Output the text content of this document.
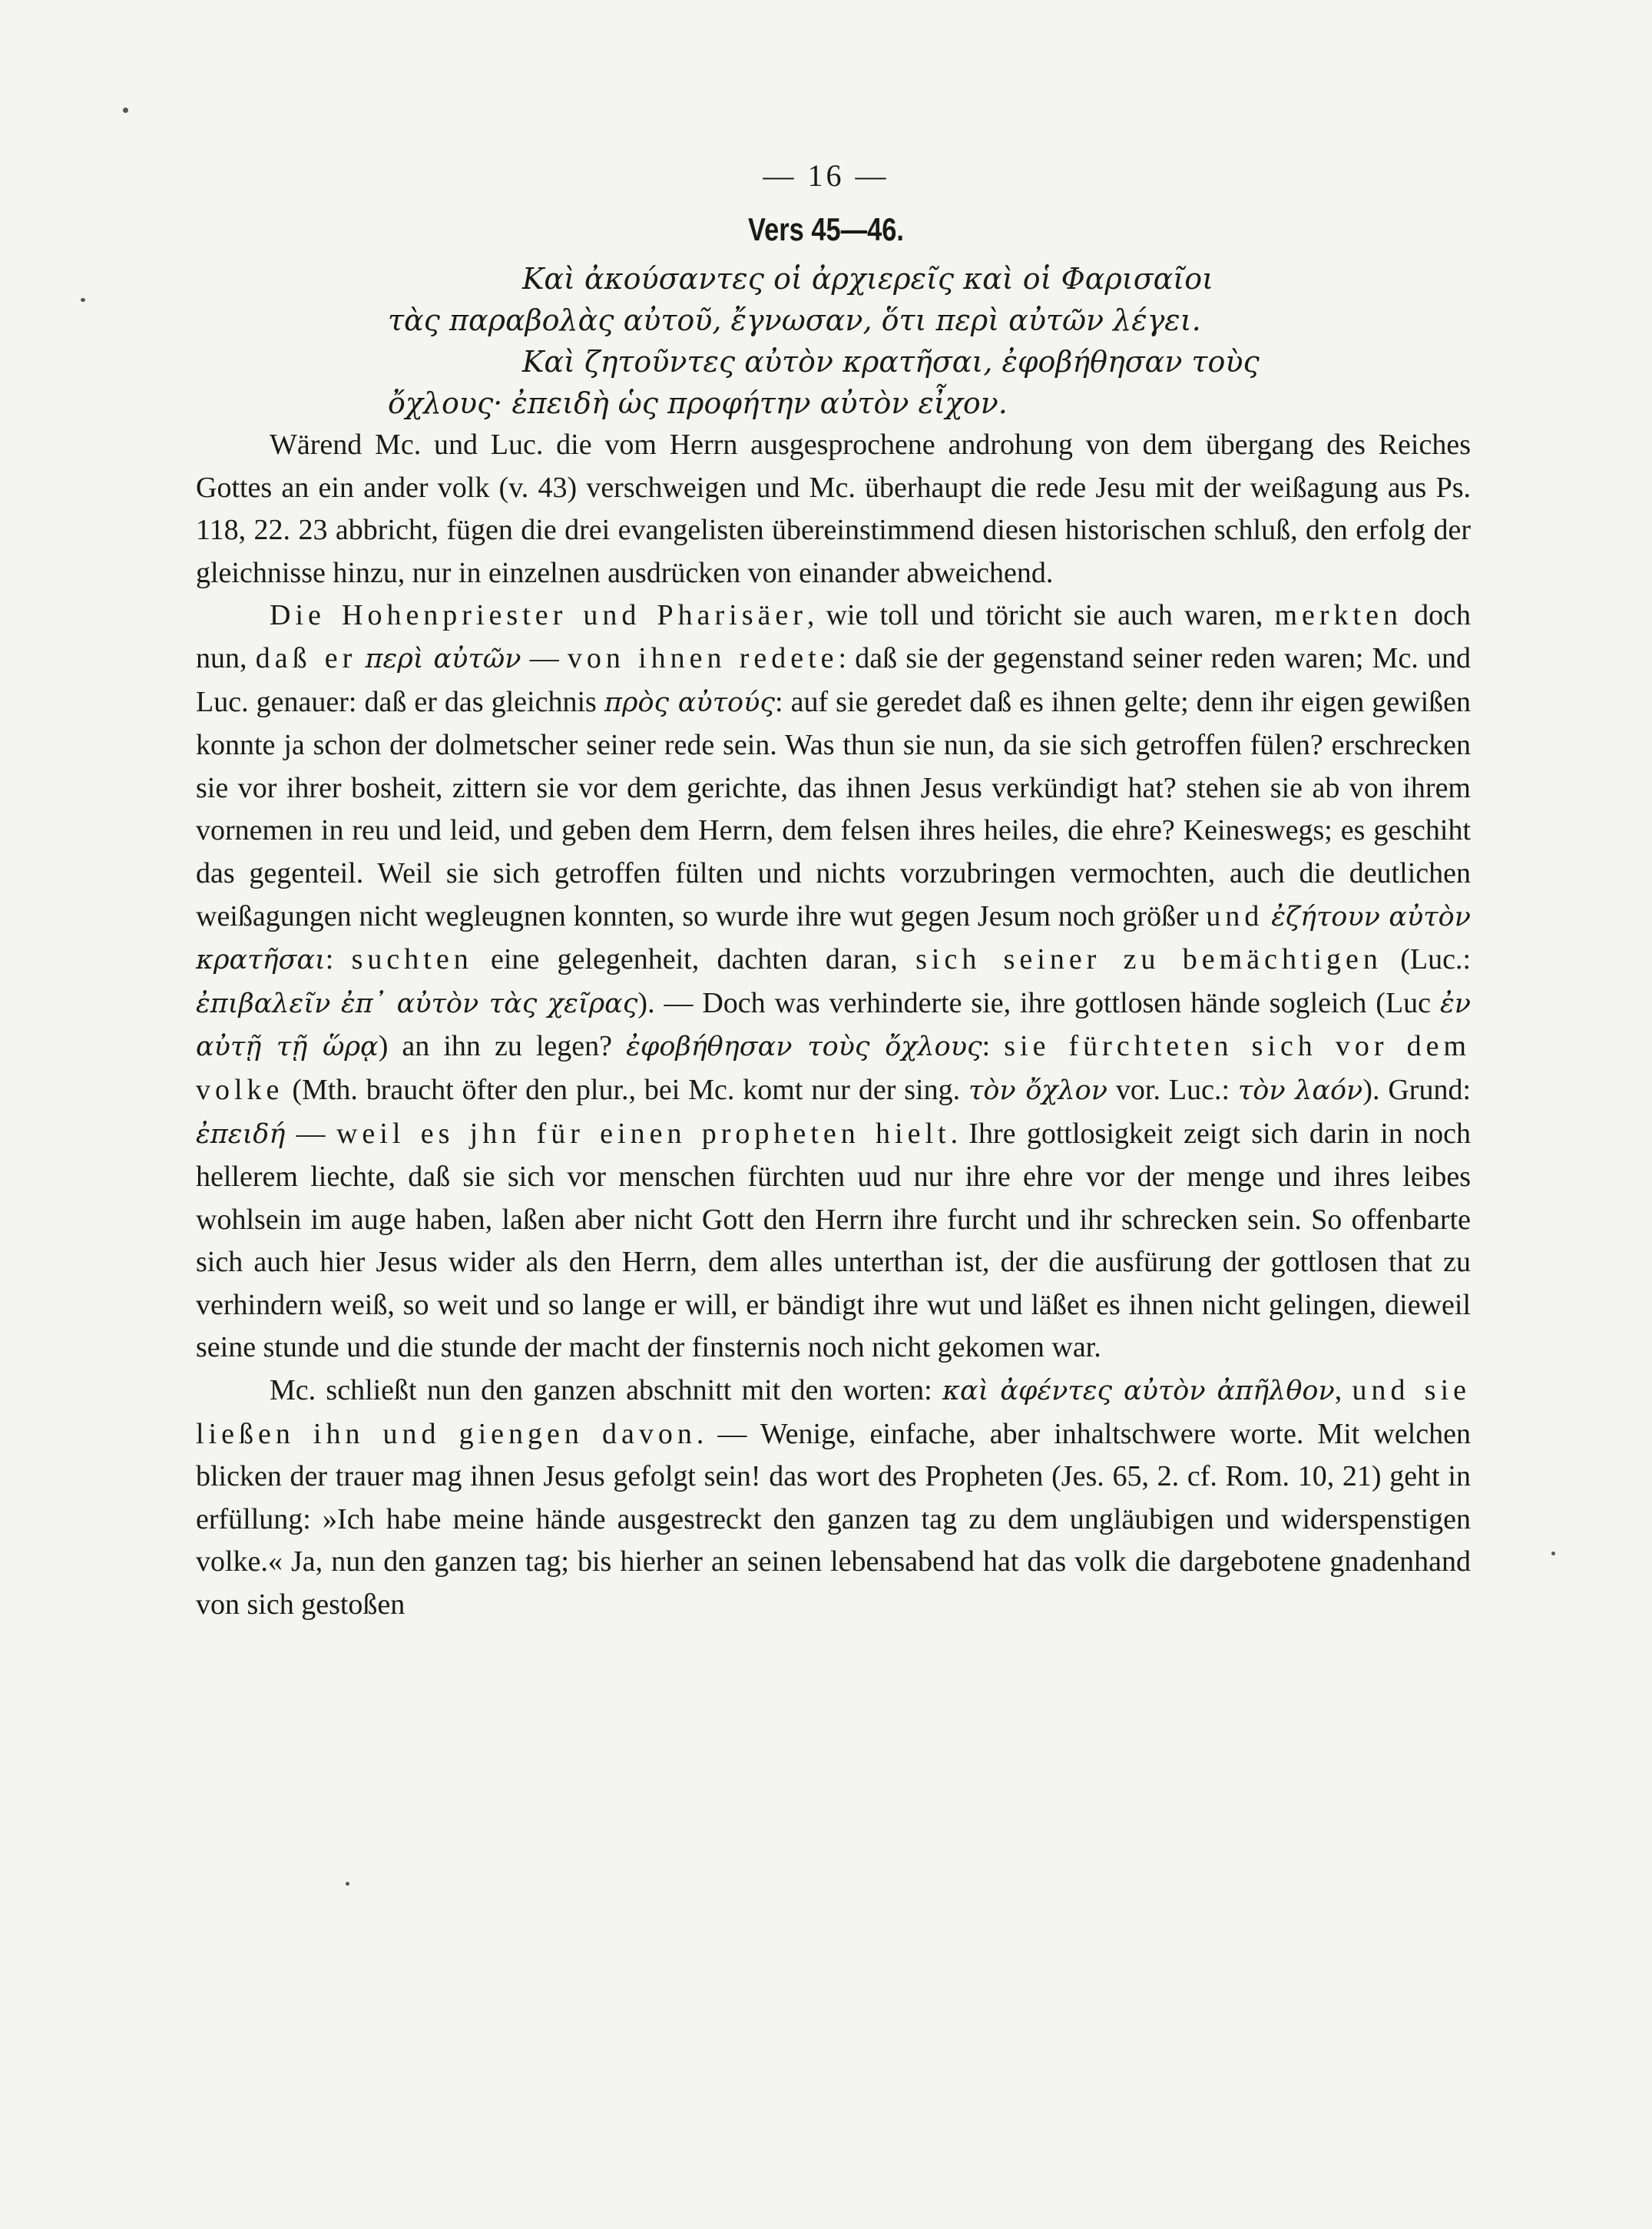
— 16 —
Vers 45—46.

Καὶ ἀκούσαντες οἱ ἀρχιερεῖς καὶ οἱ Φαρισαῖοι

τὰς παραβολὰς αὐτοῦ, ἔγνωσαν, ὅτι περὶ αὐτῶν λέγει.

Καὶ ζητοῦντες αὐτὸν κρατῆσαι, ἐφοβήθησαν τοὺς

ὄχλους· ἐπειδὴ ὡς προφήτην αὐτὸν εἶχον.

Wärend Mc. und Luc. die vom Herrn ausgesprochene androhung von dem übergang des Reiches Gottes an ein ander volk (v. 43) verschweigen und Mc. überhaupt die rede Jesu mit der weißagung aus Ps. 118, 22. 23 abbricht, fügen die drei evangelisten übereinstimmend diesen historischen schluß, den erfolg der gleichnisse hinzu, nur in einzelnen ausdrücken von einander abweichend.

Die Hohenpriester und Pharisäer, wie toll und töricht sie auch waren, merkten doch nun, daß er περὶ αὐτῶν — von ihnen redete: daß sie der gegenstand seiner reden waren; Mc. und Luc. genauer: daß er das gleichnis πρὸς αὐτούς: auf sie geredet daß es ihnen gelte; denn ihr eigen gewißen konnte ja schon der dolmetscher seiner rede sein. Was thun sie nun, da sie sich getroffen fülen? erschrecken sie vor ihrer bosheit, zittern sie vor dem gerichte, das ihnen Jesus verkündigt hat? stehen sie ab von ihrem vornemen in reu und leid, und geben dem Herrn, dem felsen ihres heiles, die ehre? Keineswegs; es geschiht das gegenteil. Weil sie sich getroffen fülten und nichts vorzubringen vermochten, auch die deutlichen weißagungen nicht wegleugnen konnten, so wurde ihre wut gegen Jesum noch größer und ἐζήτουν αὐτὸν κρατῆσαι: suchten eine gelegenheit, dachten daran, sich seiner zu bemächtigen (Luc.: ἐπιβαλεῖν ἐπ᾽ αὐτὸν τὰς χεῖρας). — Doch was verhinderte sie, ihre gottlosen hände sogleich (Luc ἐν αὐτῇ τῇ ὥρᾳ) an ihn zu legen? ἐφοβήθησαν τοὺς ὄχλους: sie fürchteten sich vor dem volke (Mth. braucht öfter den plur., bei Mc. komt nur der sing. τὸν ὄχλον vor. Luc.: τὸν λαόν). Grund: ἐπειδή — weil es jhn für einen propheten hielt. Ihre gottlosigkeit zeigt sich darin in noch hellerem liechte, daß sie sich vor menschen fürchten uud nur ihre ehre vor der menge und ihres leibes wohlsein im auge haben, laßen aber nicht Gott den Herrn ihre furcht und ihr schrecken sein. So offenbarte sich auch hier Jesus wider als den Herrn, dem alles unterthan ist, der die ausfürung der gottlosen that zu verhindern weiß, so weit und so lange er will, er bändigt ihre wut und läßet es ihnen nicht gelingen, dieweil seine stunde und die stunde der macht der finsternis noch nicht gekomen war.

Mc. schließt nun den ganzen abschnitt mit den worten: καὶ ἀφέντες αὐτὸν ἀπῆλθον, und sie ließen ihn und giengen davon. — Wenige, einfache, aber inhaltschwere worte. Mit welchen blicken der trauer mag ihnen Jesus gefolgt sein! das wort des Propheten (Jes. 65, 2. cf. Rom. 10, 21) geht in erfüllung: »Ich habe meine hände ausgestreckt den ganzen tag zu dem ungläubigen und widerspenstigen volke.« Ja, nun den ganzen tag; bis hierher an seinen lebensabend hat das volk die dargebotene gnadenhand von sich gestoßen
